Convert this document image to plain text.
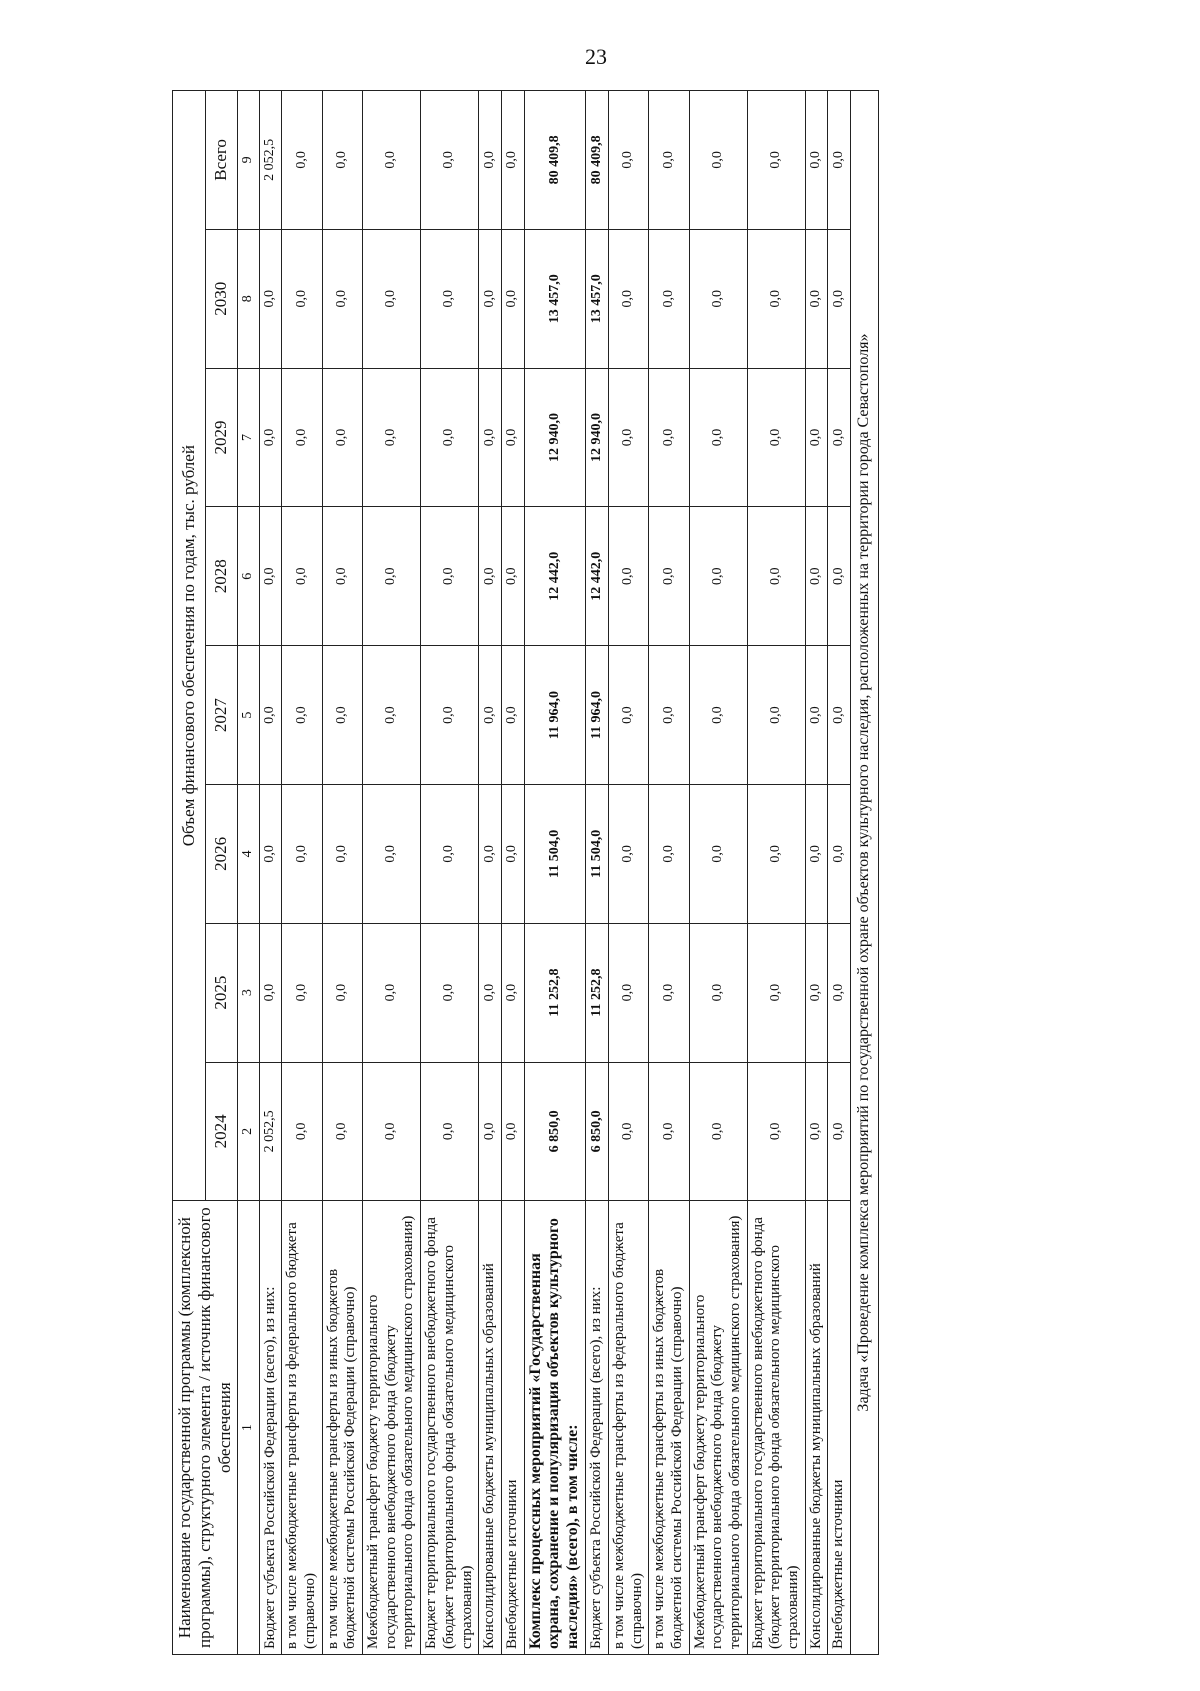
23
Наименование государственной программы (комплексной программы), структурного элемента / источник финансового обеспечения	Объем финансового обеспечения по годам, тыс. рублей							
	2024	2025	2026	2027	2028	2029	2030	Всего
1	2	3	4	5	6	7	8	9
Бюджет субъекта Российской Федерации (всего), из них:	2 052,5	0,0	0,0	0,0	0,0	0,0	0,0	2 052,5
в том числе межбюджетные трансферты из федерального бюджета (справочно)	0,0	0,0	0,0	0,0	0,0	0,0	0,0	0,0
в том числе межбюджетные трансферты из иных бюджетов бюджетной системы Российской Федерации (справочно)	0,0	0,0	0,0	0,0	0,0	0,0	0,0	0,0
Межбюджетный трансферт бюджету территориального государственного внебюджетного фонда (бюджету территориального фонда обязательного медицинского страхования)	0,0	0,0	0,0	0,0	0,0	0,0	0,0	0,0
Бюджет территориального государственного внебюджетного фонда (бюджет территориального фонда обязательного медицинского страхования)	0,0	0,0	0,0	0,0	0,0	0,0	0,0	0,0
Консолидированные бюджеты муниципальных образований	0,0	0,0	0,0	0,0	0,0	0,0	0,0	0,0
Внебюджетные источники	0,0	0,0	0,0	0,0	0,0	0,0	0,0	0,0
Комплекс процессных мероприятий «Государственная охрана, сохранение и популяризация объектов культурного наследия» (всего), в том числе:	6 850,0	11 252,8	11 504,0	11 964,0	12 442,0	12 940,0	13 457,0	80 409,8
Бюджет субъекта Российской Федерации (всего), из них:	6 850,0	11 252,8	11 504,0	11 964,0	12 442,0	12 940,0	13 457,0	80 409,8
в том числе межбюджетные трансферты из федерального бюджета (справочно)	0,0	0,0	0,0	0,0	0,0	0,0	0,0	0,0
в том числе межбюджетные трансферты из иных бюджетов бюджетной системы Российской Федерации (справочно)	0,0	0,0	0,0	0,0	0,0	0,0	0,0	0,0
Межбюджетный трансферт бюджету территориального государственного внебюджетного фонда (бюджету территориального фонда обязательного медицинского страхования)	0,0	0,0	0,0	0,0	0,0	0,0	0,0	0,0
Бюджет территориального государственного внебюджетного фонда (бюджет территориального фонда обязательного медицинского страхования)	0,0	0,0	0,0	0,0	0,0	0,0	0,0	0,0
Консолидированные бюджеты муниципальных образований	0,0	0,0	0,0	0,0	0,0	0,0	0,0	0,0
Внебюджетные источники	0,0	0,0	0,0	0,0	0,0	0,0	0,0	0,0
Задача «Проведение комплекса мероприятий по государственной охране объектов культурного наследия, расположенных на территории города Севастополя»								
